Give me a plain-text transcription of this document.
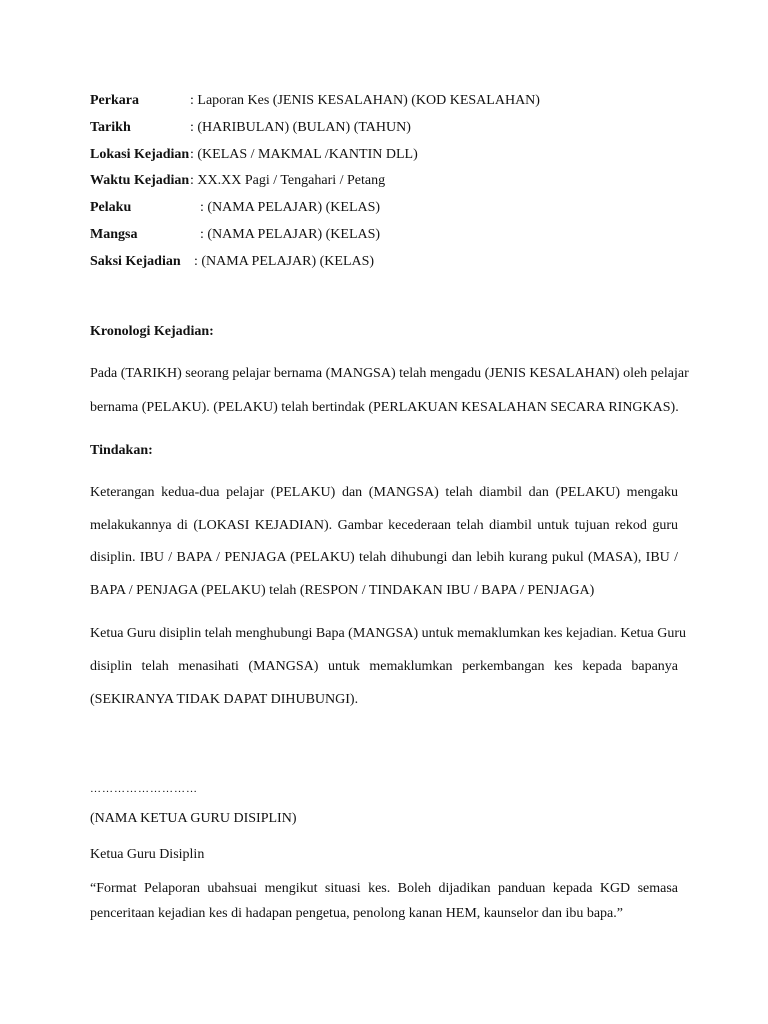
Perkara	: Laporan Kes (JENIS KESALAHAN) (KOD KESALAHAN)
Tarikh	: (HARIBULAN) (BULAN) (TAHUN)
Lokasi Kejadian : (KELAS / MAKMAL /KANTIN DLL)
Waktu Kejadian : XX.XX Pagi / Tengahari / Petang
Pelaku	: (NAMA PELAJAR) (KELAS)
Mangsa	: (NAMA PELAJAR) (KELAS)
Saksi Kejadian : (NAMA PELAJAR) (KELAS)
Kronologi Kejadian:
Pada (TARIKH) seorang pelajar bernama (MANGSA) telah mengadu (JENIS KESALAHAN) oleh pelajar
bernama (PELAKU). (PELAKU) telah bertindak (PERLAKUAN KESALAHAN SECARA RINGKAS).
Tindakan:
Keterangan kedua-dua pelajar (PELAKU) dan (MANGSA) telah diambil dan (PELAKU) mengaku
melakukannya di (LOKASI KEJADIAN). Gambar kecederaan telah diambil untuk tujuan rekod guru
disiplin. IBU / BAPA / PENJAGA (PELAKU) telah dihubungi dan lebih kurang pukul (MASA), IBU /
BAPA / PENJAGA (PELAKU) telah (RESPON / TINDAKAN IBU / BAPA / PENJAGA)
Ketua Guru disiplin telah menghubungi Bapa (MANGSA) untuk memaklumkan kes kejadian. Ketua Guru
disiplin telah menasihati (MANGSA) untuk memaklumkan perkembangan kes kepada bapanya
(SEKIRANYA TIDAK DAPAT DIHUBUNGI).
………………………
(NAMA KETUA GURU DISIPLIN)
Ketua Guru Disiplin
“Format Pelaporan ubahsuai mengikut situasi kes. Boleh dijadikan panduan kepada KGD semasa
penceritaan kejadian kes di hadapan pengetua, penolong kanan HEM, kaunselor dan ibu bapa.”
